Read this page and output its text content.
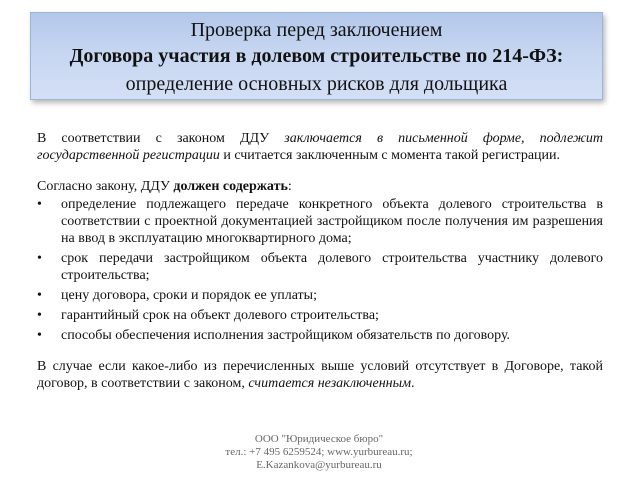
Проверка перед заключением
Договора участия в долевом строительстве по 214-ФЗ:
определение основных рисков для дольщика

В соответствии с законом ДДУ заключается в письменной форме, подлежит государственной регистрации и считается заключенным с момента такой регистрации.

Согласно закону, ДДУ должен содержать:

• определение подлежащего передаче конкретного объекта долевого строительства в соответствии с проектной документацией застройщиком после получения им разрешения на ввод в эксплуатацию многоквартирного дома;
• срок передачи застройщиком объекта долевого строительства участнику долевого строительства;
• цену договора, сроки и порядок ее уплаты;
• гарантийный срок на объект долевого строительства;
• способы обеспечения исполнения застройщиком обязательств по договору.

В случае если какое-либо из перечисленных выше условий отсутствует в Договоре, такой договор, в соответствии с законом, считается незаключенным.

ООО "Юридическое бюро"
тел.: +7 495 6259524; www.yurbureau.ru;
E.Kazankova@yurbureau.ru
